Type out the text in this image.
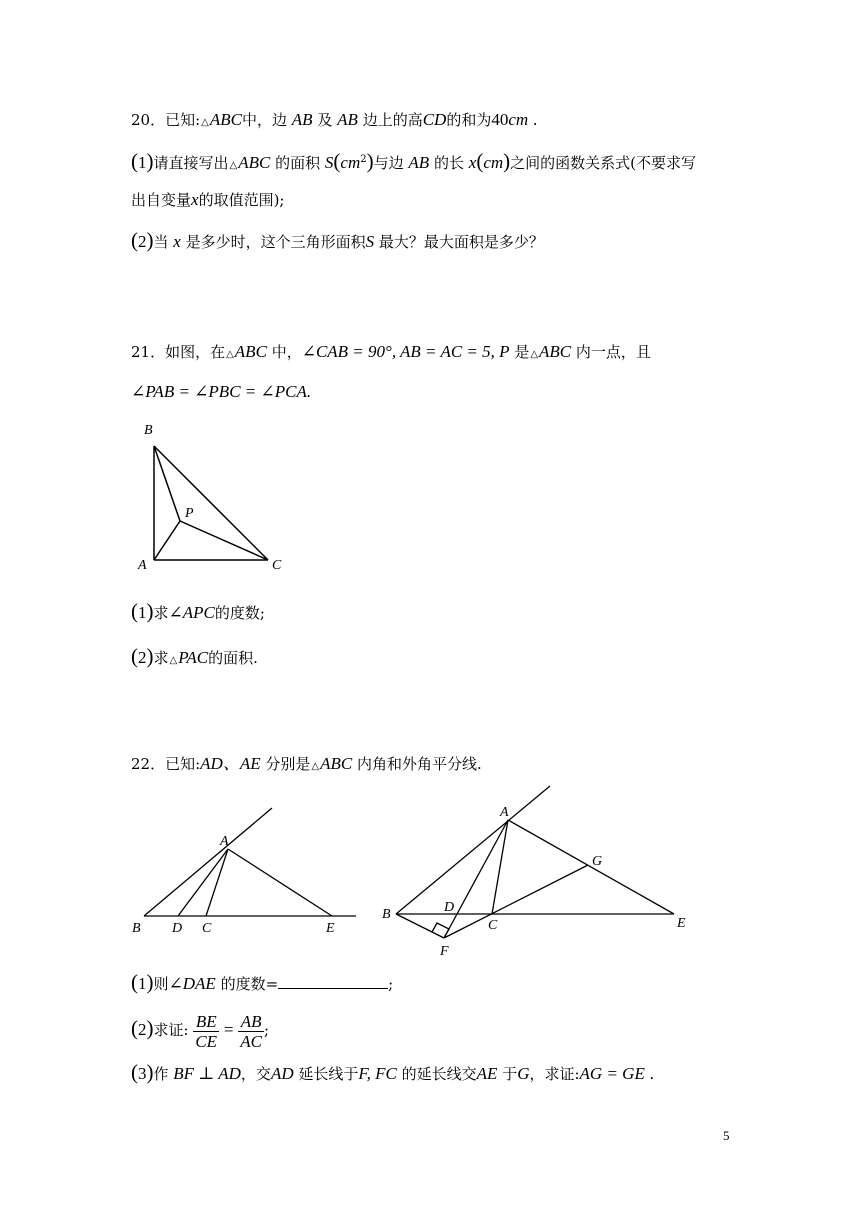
20．已知:△ABC中，边 AB 及 AB 边上的高CD的和为40cm .
(1)请直接写出△ABC 的面积 $S(cm^2)$与边 AB 的长 x(cm)之间的函数关系式(不要求写
出自变量x的取值范围);
(2)当 x 是多少时，这个三角形面积S 最大？最大面积是多少？
21．如图，在△ABC 中，∠CAB = 90°, AB = AC = 5, P 是△ABC 内一点，且
∠PAB = ∠PBC = ∠PCA.
B
A	C
P
(1)求∠APC的度数;
(2)求△PAC的面积.
22．已知:AD、AE 分别是△ABC 内角和外角平分线.
A
B D C	E
A
B	D
C	E
F
G
(1)则∠DAE 的度数=	;
(2)求证: $\frac{BE}{CE} = \frac{AB}{AC}$ ;
(3)作 BF ⊥ AD，交AD 延长线于F, FC 的延长线交AE 于G，求证:AG = GE .
5
